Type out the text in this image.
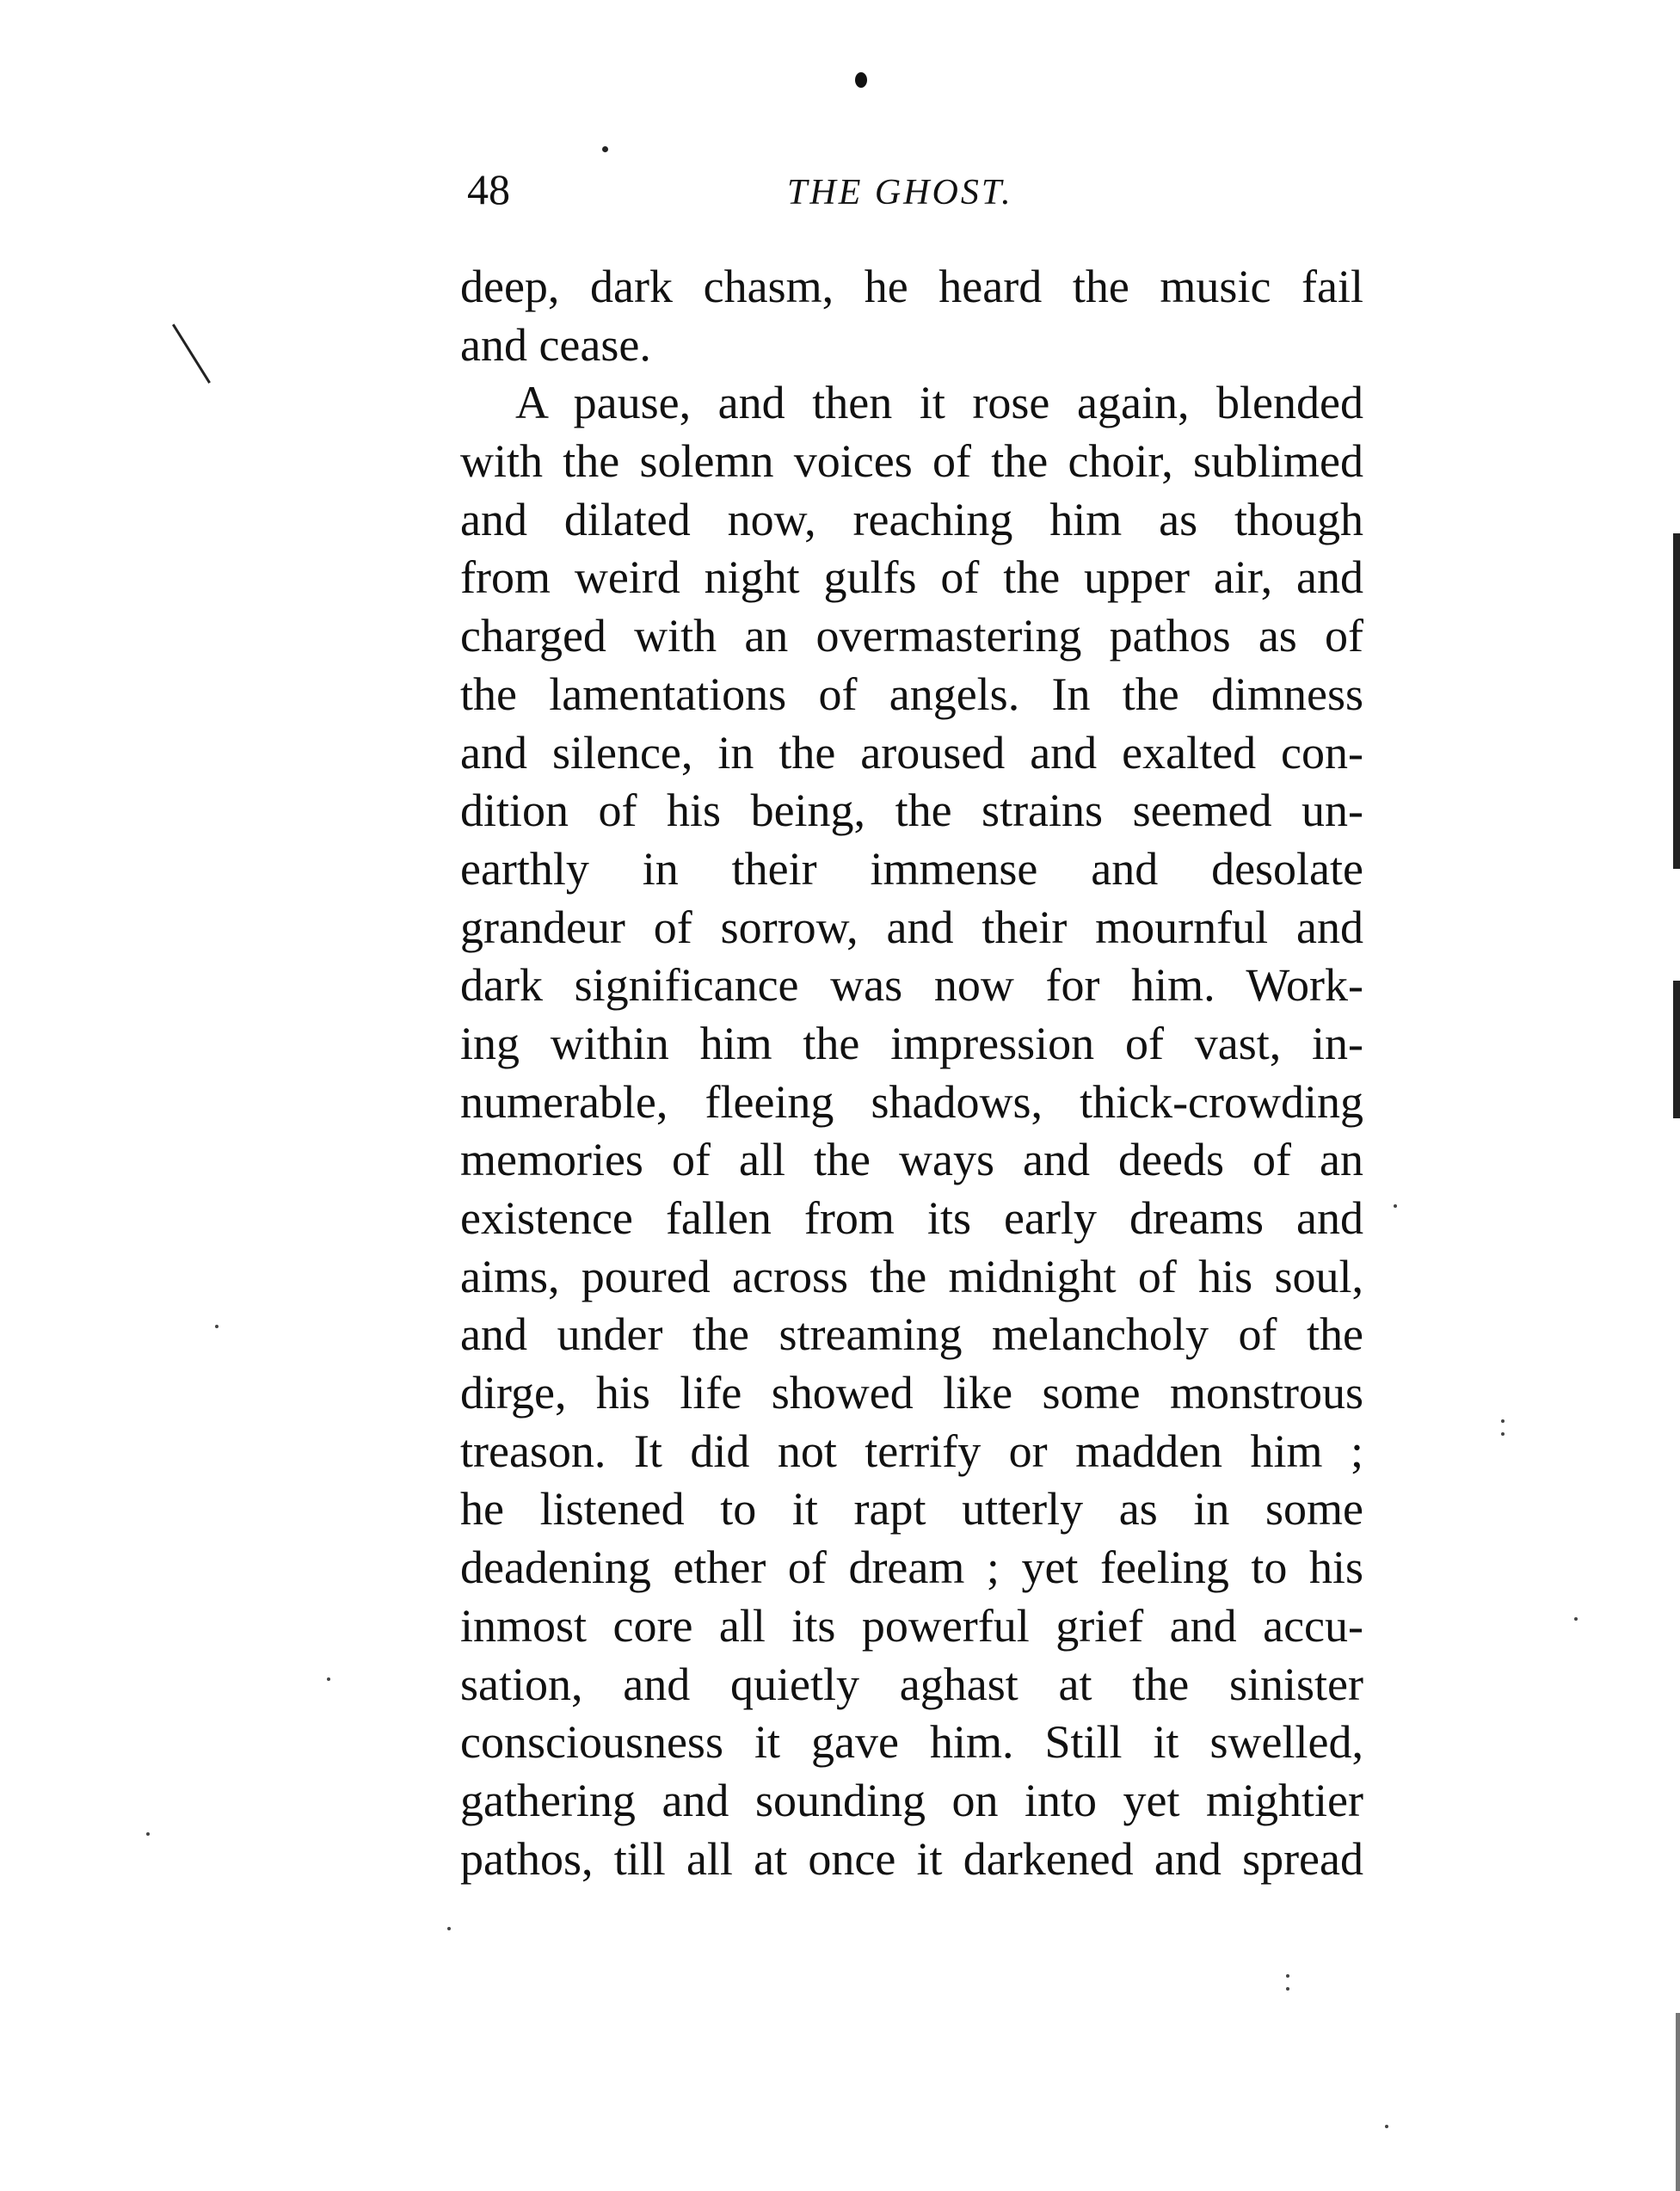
48	THE GHOST.
deep, dark chasm, he heard the music fail
and cease.
A pause, and then it rose again, blended
with the solemn voices of the choir, sublimed
and dilated now, reaching him as though
from weird night gulfs of the upper air, and
charged with an overmastering pathos as of
the lamentations of angels. In the dimness
and silence, in the aroused and exalted con-
dition of his being, the strains seemed un-
earthly in their immense and desolate
grandeur of sorrow, and their mournful and
dark significance was now for him. Work-
ing within him the impression of vast, in-
numerable, fleeing shadows, thick-crowding
memories of all the ways and deeds of an
existence fallen from its early dreams and
aims, poured across the midnight of his soul,
and under the streaming melancholy of the
dirge, his life showed like some monstrous
treason. It did not terrify or madden him ;
he listened to it rapt utterly as in some
deadening ether of dream ; yet feeling to his
inmost core all its powerful grief and accu-
sation, and quietly aghast at the sinister
consciousness it gave him. Still it swelled,
gathering and sounding on into yet mightier
pathos, till all at once it darkened and spread
